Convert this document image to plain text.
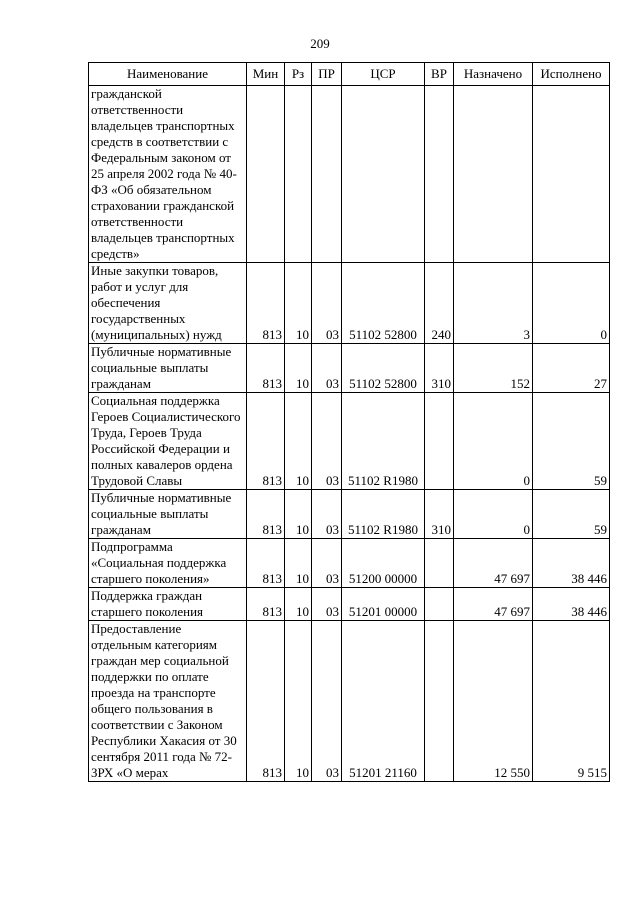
209
Наименование	Мин	Рз	ПР	ЦСР	ВР	Назначено	Исполнено
гражданской ответственности владельцев транспортных средств в соответствии с Федеральным законом от 25 апреля 2002 года № 40-ФЗ «Об обязательном страховании гражданской ответственности владельцев транспортных средств»							
Иные закупки товаров, работ и услуг для обеспечения государственных (муниципальных) нужд	813	10	03	51102 52800	240	3	0
Публичные нормативные социальные выплаты гражданам	813	10	03	51102 52800	310	152	27
Социальная поддержка Героев Социалистического Труда, Героев Труда Российской Федерации и полных кавалеров ордена Трудовой Славы	813	10	03	51102 R1980		0	59
Публичные нормативные социальные выплаты гражданам	813	10	03	51102 R1980	310	0	59
Подпрограмма «Социальная поддержка старшего поколения»	813	10	03	51200 00000		47 697	38 446
Поддержка граждан старшего поколения	813	10	03	51201 00000		47 697	38 446
Предоставление отдельным категориям граждан мер социальной поддержки по оплате проезда на транспорте общего пользования в соответствии с Законом Республики Хакасия от 30 сентября 2011 года № 72-ЗРХ «О мерах	813	10	03	51201 21160		12 550	9 515
